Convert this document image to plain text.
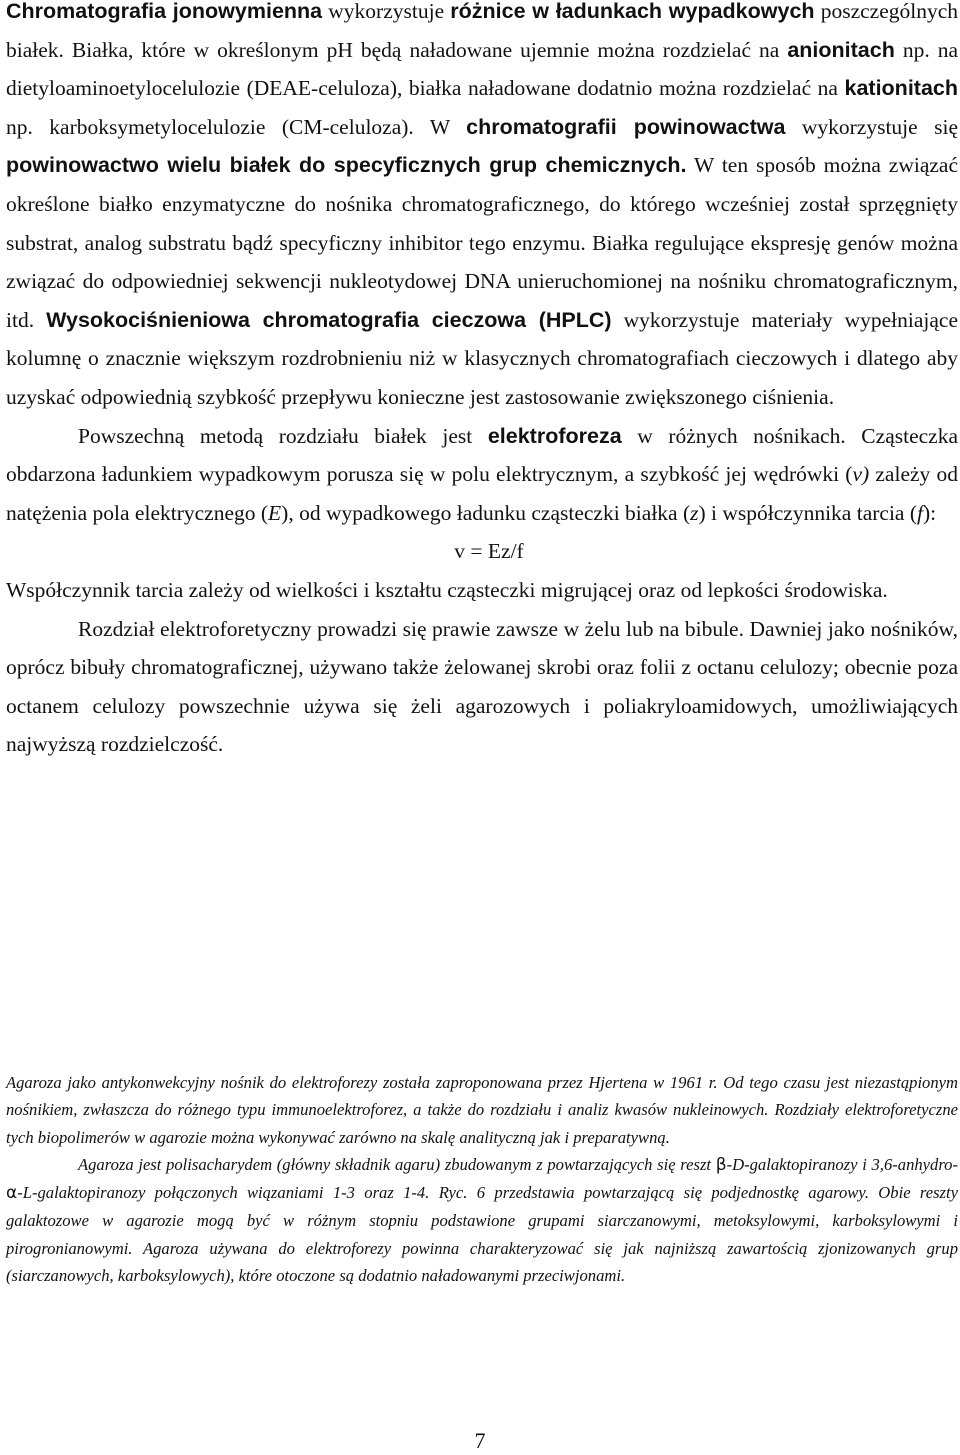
Chromatografia jonowymienna wykorzystuje różnice w ładunkach wypadkowych poszczególnych białek. Białka, które w określonym pH będą naładowane ujemnie można rozdzielać na anionitach np. na dietyloaminoetylocelulozie (DEAE-celuloza), białka naładowane dodatnio można rozdzielać na kationitach np. karboksymetylocelulozie (CM-celuloza). W chromatografii powinowactwa wykorzystuje się powinowactwo wielu białek do specyficznych grup chemicznych. W ten sposób można związać określone białko enzymatyczne do nośnika chromatograficznego, do którego wcześniej został sprzęgnięty substrat, analog substratu bądź specyficzny inhibitor tego enzymu. Białka regulujące ekspresję genów można związać do odpowiedniej sekwencji nukleotydowej DNA unieruchomionej na nośniku chromatograficznym, itd. Wysokociśnieniowa chromatografia cieczowa (HPLC) wykorzystuje materiały wypełniające kolumnę o znacznie większym rozdrobnieniu niż w klasycznych chromatografiach cieczowych i dlatego aby uzyskać odpowiednią szybkość przepływu konieczne jest zastosowanie zwiększonego ciśnienia.

Powszechną metodą rozdziału białek jest elektroforeza w różnych nośnikach. Cząsteczka obdarzona ładunkiem wypadkowym porusza się w polu elektrycznym, a szybkość jej wędrówki (v) zależy od natężenia pola elektrycznego (E), od wypadkowego ładunku cząsteczki białka (z) i współczynnika tarcia (f):

v = Ez/f

Współczynnik tarcia zależy od wielkości i kształtu cząsteczki migrującej oraz od lepkości środowiska.

Rozdział elektroforetyczny prowadzi się prawie zawsze w żelu lub na bibule. Dawniej jako nośników, oprócz bibuły chromatograficznej, używano także żelowanej skrobi oraz folii z octanu celulozy; obecnie poza octanem celulozy powszechnie używa się żeli agarozowych i poliakryloamidowych, umożliwiających najwyższą rozdzielczość.

Agaroza jako antykonwekcyjny nośnik do elektroforezy została zaproponowana przez Hjertena w 1961 r. Od tego czasu jest niezastąpionym nośnikiem, zwłaszcza do różnego typu immunoelektroforez, a także do rozdziału i analiz kwasów nukleinowych. Rozdziały elektroforetyczne tych biopolimerów w agarozie można wykonywać zarówno na skalę analityczną jak i preparatywną.

Agaroza jest polisacharydem (główny składnik agaru) zbudowanym z powtarzających się reszt β-D-galaktopiranozy i 3,6-anhydro-α-L-galaktopiranozy połączonych wiązaniami 1-3 oraz 1-4. Ryc. 6 przedstawia powtarzającą się podjednostkę agarowy. Obie reszty galaktozowe w agarozie mogą być w różnym stopniu podstawione grupami siarczanowymi, metoksylowymi, karboksylowymi i pirogronianowymi. Agaroza używana do elektroforezy powinna charakteryzować się jak najniższą zawartością zjonizowanych grup (siarczanowych, karboksylowych), które otoczone są dodatnio naładowanymi przeciwjonami.

7
